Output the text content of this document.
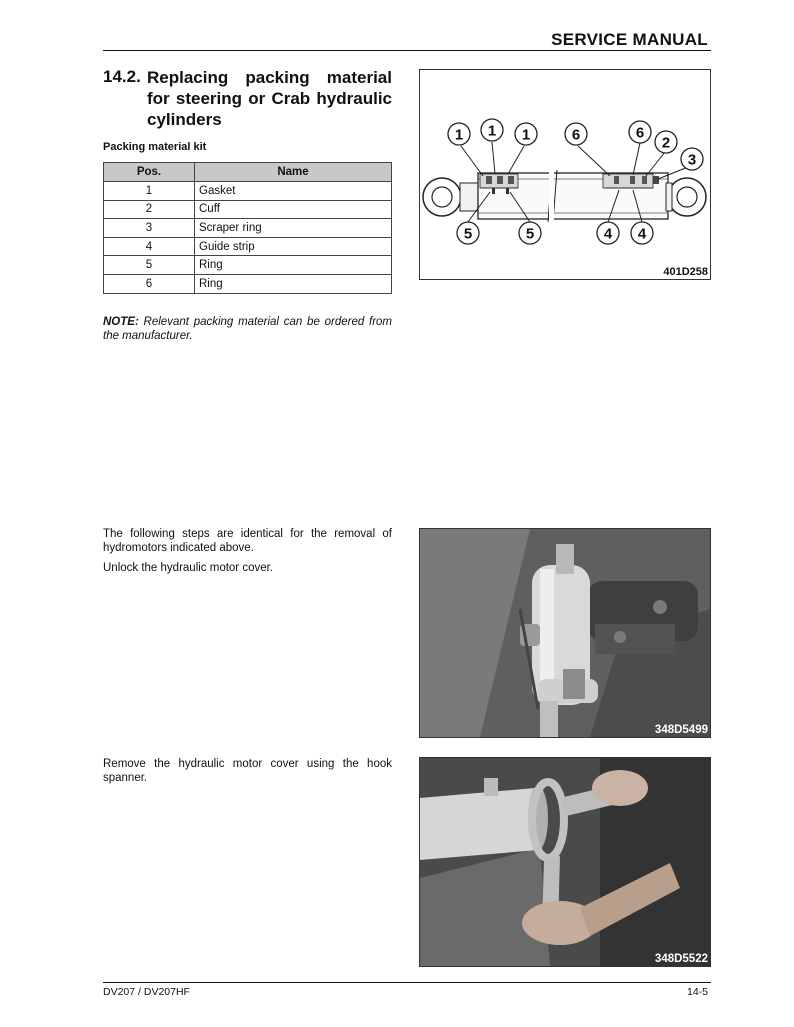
SERVICE MANUAL
14.2. Replacing packing material for steering or Crab hydraulic cylinders
Packing material kit
Pos.	Name
1	Gasket
2	Cuff
3	Scraper ring
4	Guide strip
5	Ring
6	Ring
NOTE: Relevant packing material can be ordered from the manufacturer.
The following steps are identical for the removal of hydromotors indicated above.
Unlock the hydraulic motor cover.
Remove the hydraulic motor cover using the hook spanner.
1 1 1	6	6
2
3
5	5	4 4
401D258
348D5499
348D5522
DV207 / DV207HF	14-5
